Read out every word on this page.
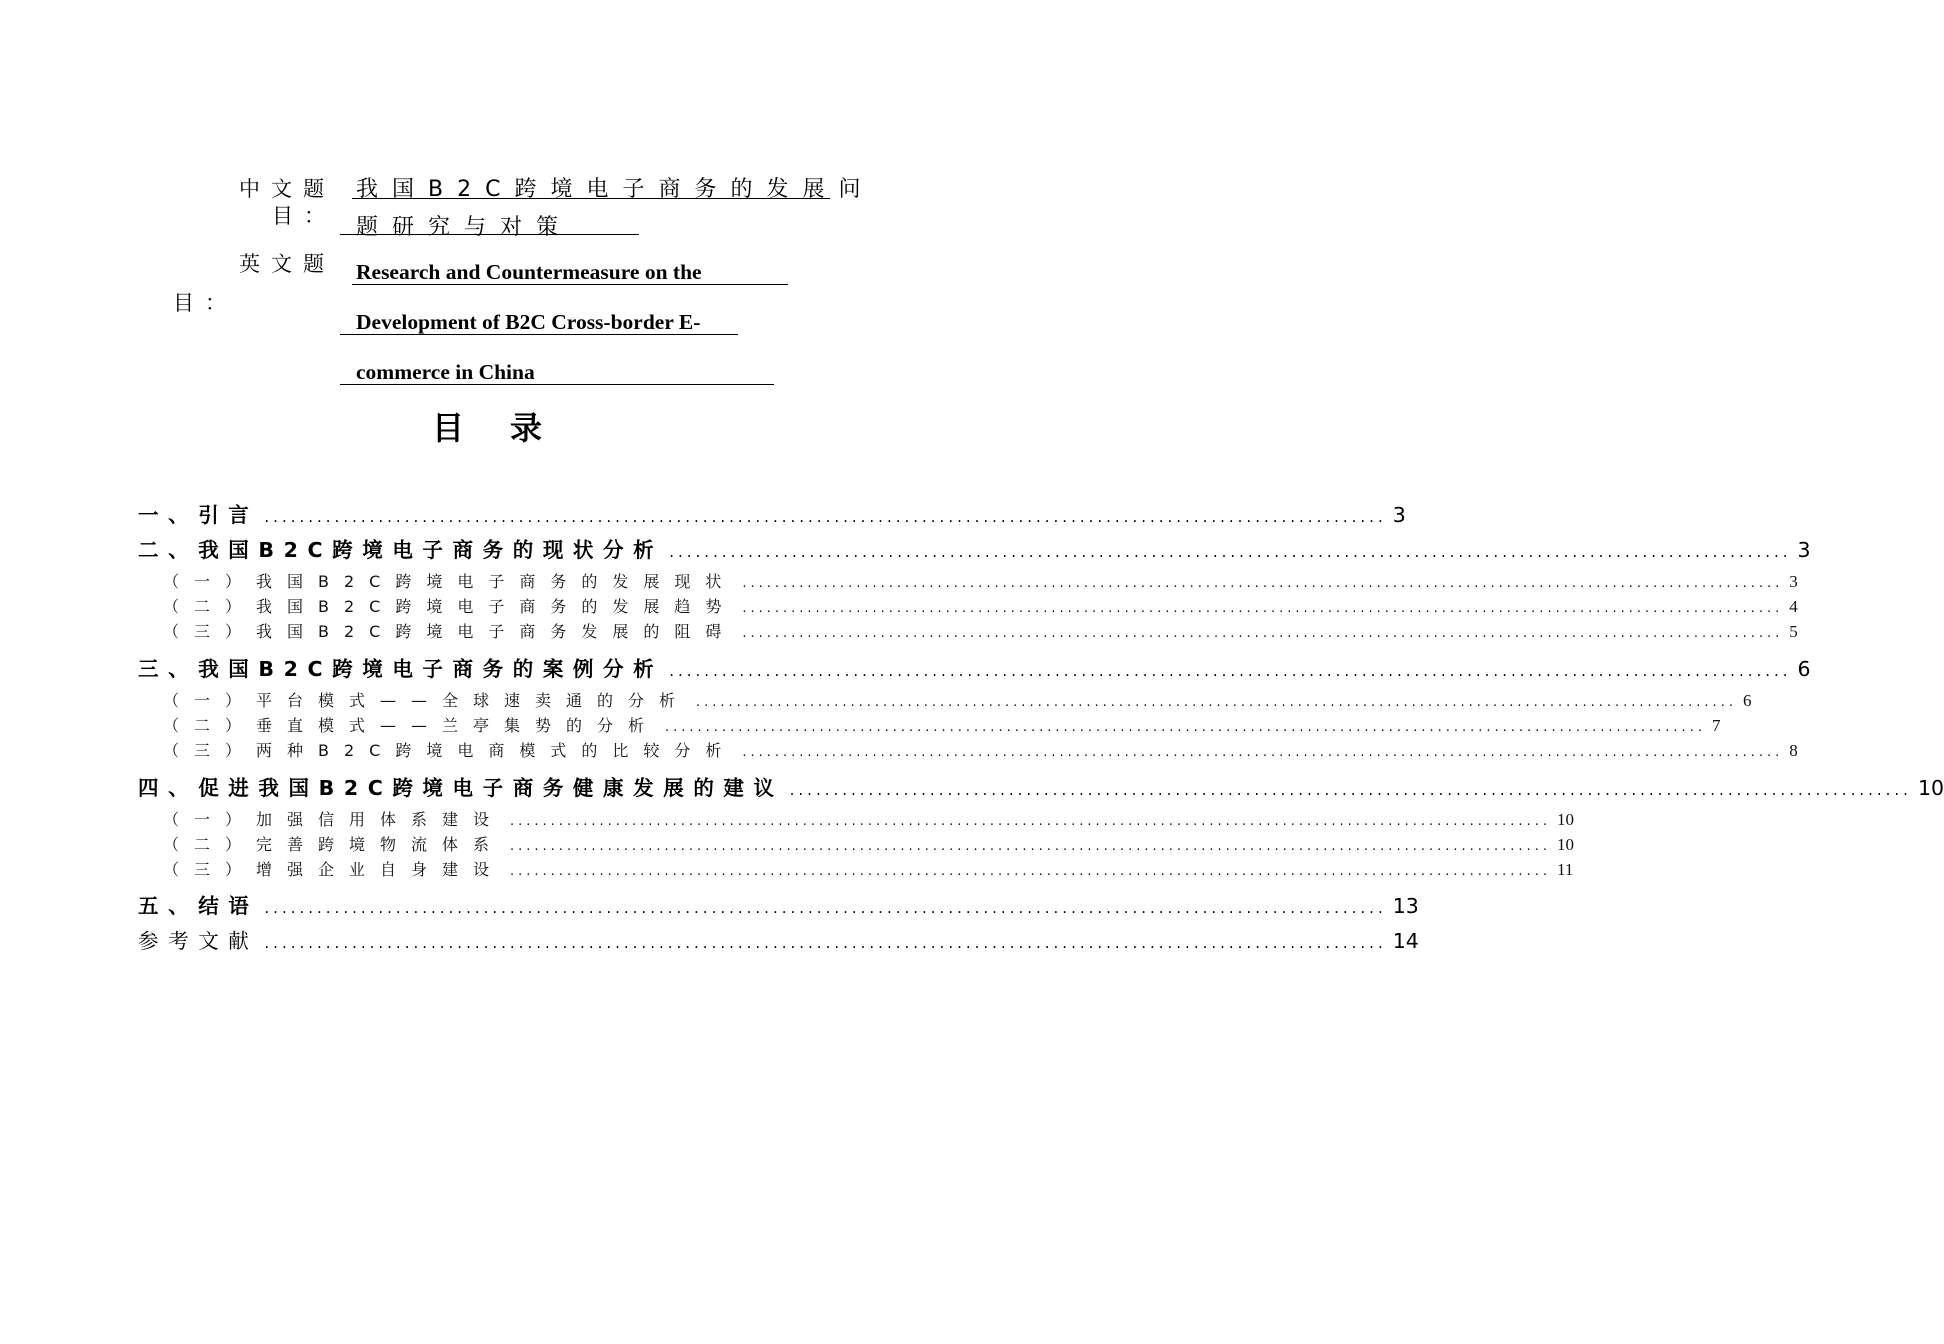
中文题
目：
我国B2C跨境电子商务的发展问
题研究与对策
英文题
目：
Research and Countermeasure on the
Development of B2C Cross-border E-
commerce in China
目录
一、引言 ................................................................................................................................ 3
二、我国B2C跨境电子商务的现状分析 ................................................................................................................................ 3
（一）我国B2C跨境电子商务的发展现状 ................................................................................................................................ 3
（二）我国B2C跨境电子商务的发展趋势 ................................................................................................................................ 4
（三）我国B2C跨境电子商务发展的阻碍 ................................................................................................................................ 5
三、我国B2C跨境电子商务的案例分析 ................................................................................................................................ 6
（一）平台模式——全球速卖通的分析 ................................................................................................................................ 6
（二）垂直模式——兰亭集势的分析 ................................................................................................................................ 7
（三）两种B2C跨境电商模式的比较分析 ................................................................................................................................ 8
四、促进我国B2C跨境电子商务健康发展的建议 ................................................................................................................................ 10
（一）加强信用体系建设 ................................................................................................................................ 10
（二）完善跨境物流体系 ................................................................................................................................ 10
（三）增强企业自身建设 ................................................................................................................................ 11
五、结语 ................................................................................................................................ 13
参考文献 ................................................................................................................................ 14
